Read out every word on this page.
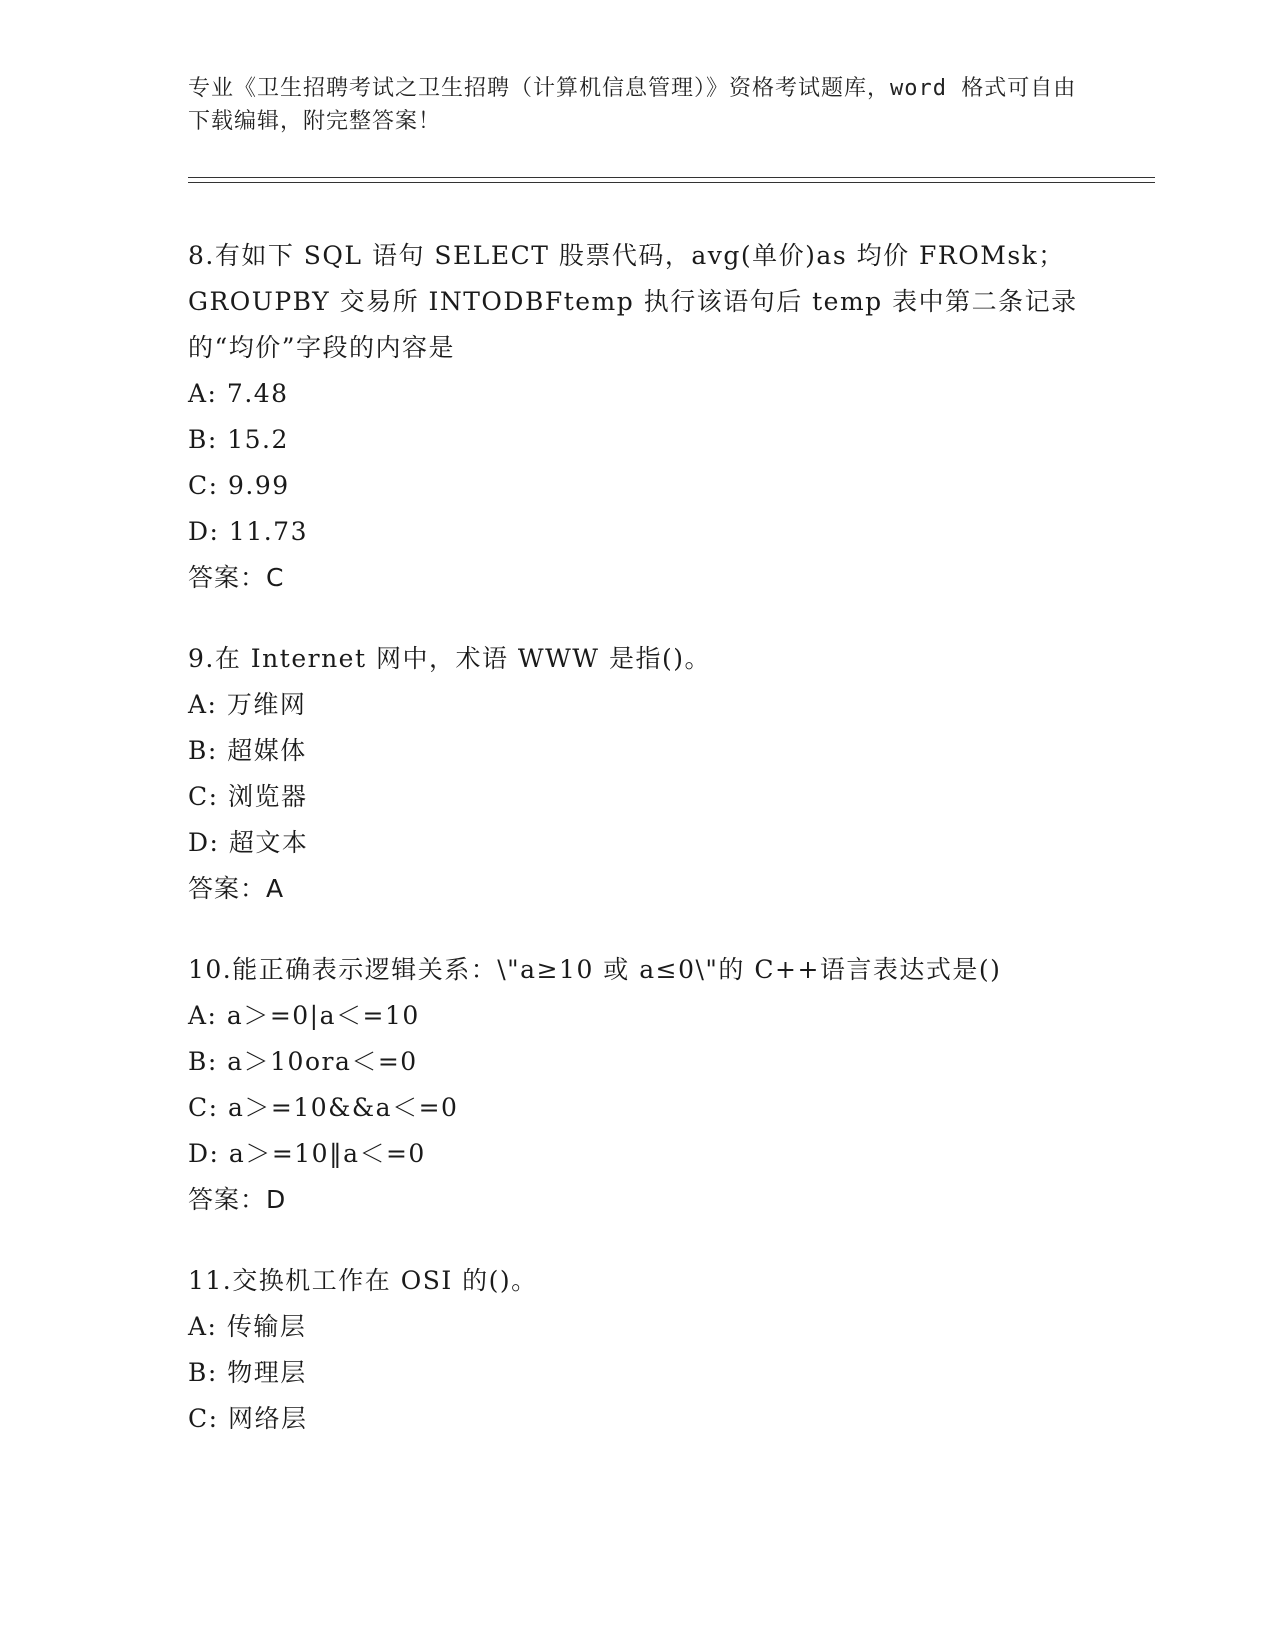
专业《卫生招聘考试之卫生招聘（计算机信息管理）》资格考试题库，word 格式可自由下载编辑，附完整答案！
8.有如下 SQL 语句 SELECT 股票代码，avg(单价)as 均价 FROMsk；GROUPBY 交易所 INTODBFtemp 执行该语句后 temp 表中第二条记录的“均价”字段的内容是
A: 7.48
B: 15.2
C: 9.99
D: 11.73
答案：C
9.在 Internet 网中，术语 WWW 是指()。
A: 万维网
B: 超媒体
C: 浏览器
D: 超文本
答案：A
10.能正确表示逻辑关系：\"a≥10 或 a≤0\"的 C++语言表达式是()
A: a＞=0|a＜=10
B: a＞10ora＜=0
C: a＞=10&&a＜=0
D: a＞=10‖a＜=0
答案：D
11.交换机工作在 OSI 的()。
A: 传输层
B: 物理层
C: 网络层
